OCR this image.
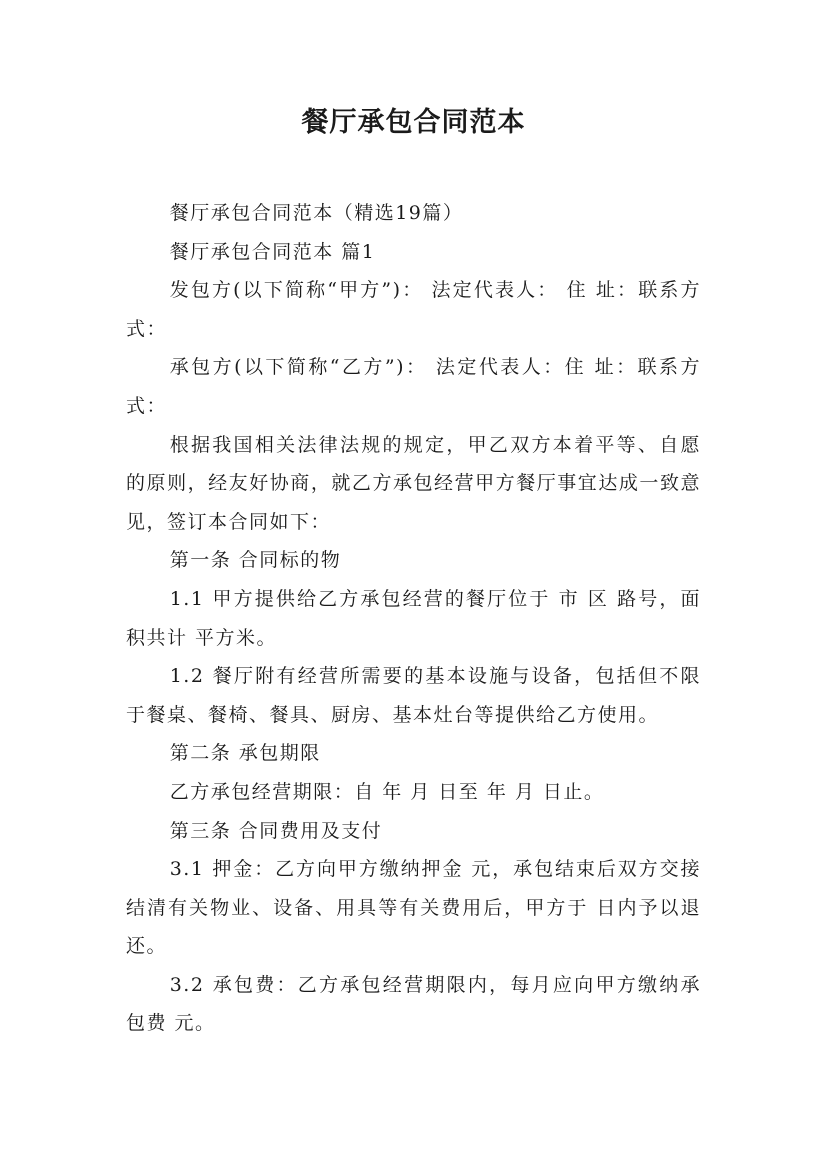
餐厅承包合同范本

餐厅承包合同范本（精选19篇）

餐厅承包合同范本 篇1

发包方(以下简称“甲方”)： 法定代表人： 住 址：联系方式：

承包方(以下简称“乙方”)： 法定代表人：住 址：联系方式：

根据我国相关法律法规的规定，甲乙双方本着平等、自愿的原则，经友好协商，就乙方承包经营甲方餐厅事宜达成一致意见，签订本合同如下：

第一条 合同标的物

1.1 甲方提供给乙方承包经营的餐厅位于 市 区 路号，面积共计 平方米。

1.2 餐厅附有经营所需要的基本设施与设备，包括但不限于餐桌、餐椅、餐具、厨房、基本灶台等提供给乙方使用。

第二条 承包期限

乙方承包经营期限：自 年 月 日至 年 月 日止。

第三条 合同费用及支付

3.1 押金：乙方向甲方缴纳押金 元，承包结束后双方交接结清有关物业、设备、用具等有关费用后，甲方于 日内予以退还。

3.2 承包费：乙方承包经营期限内，每月应向甲方缴纳承包费 元。
